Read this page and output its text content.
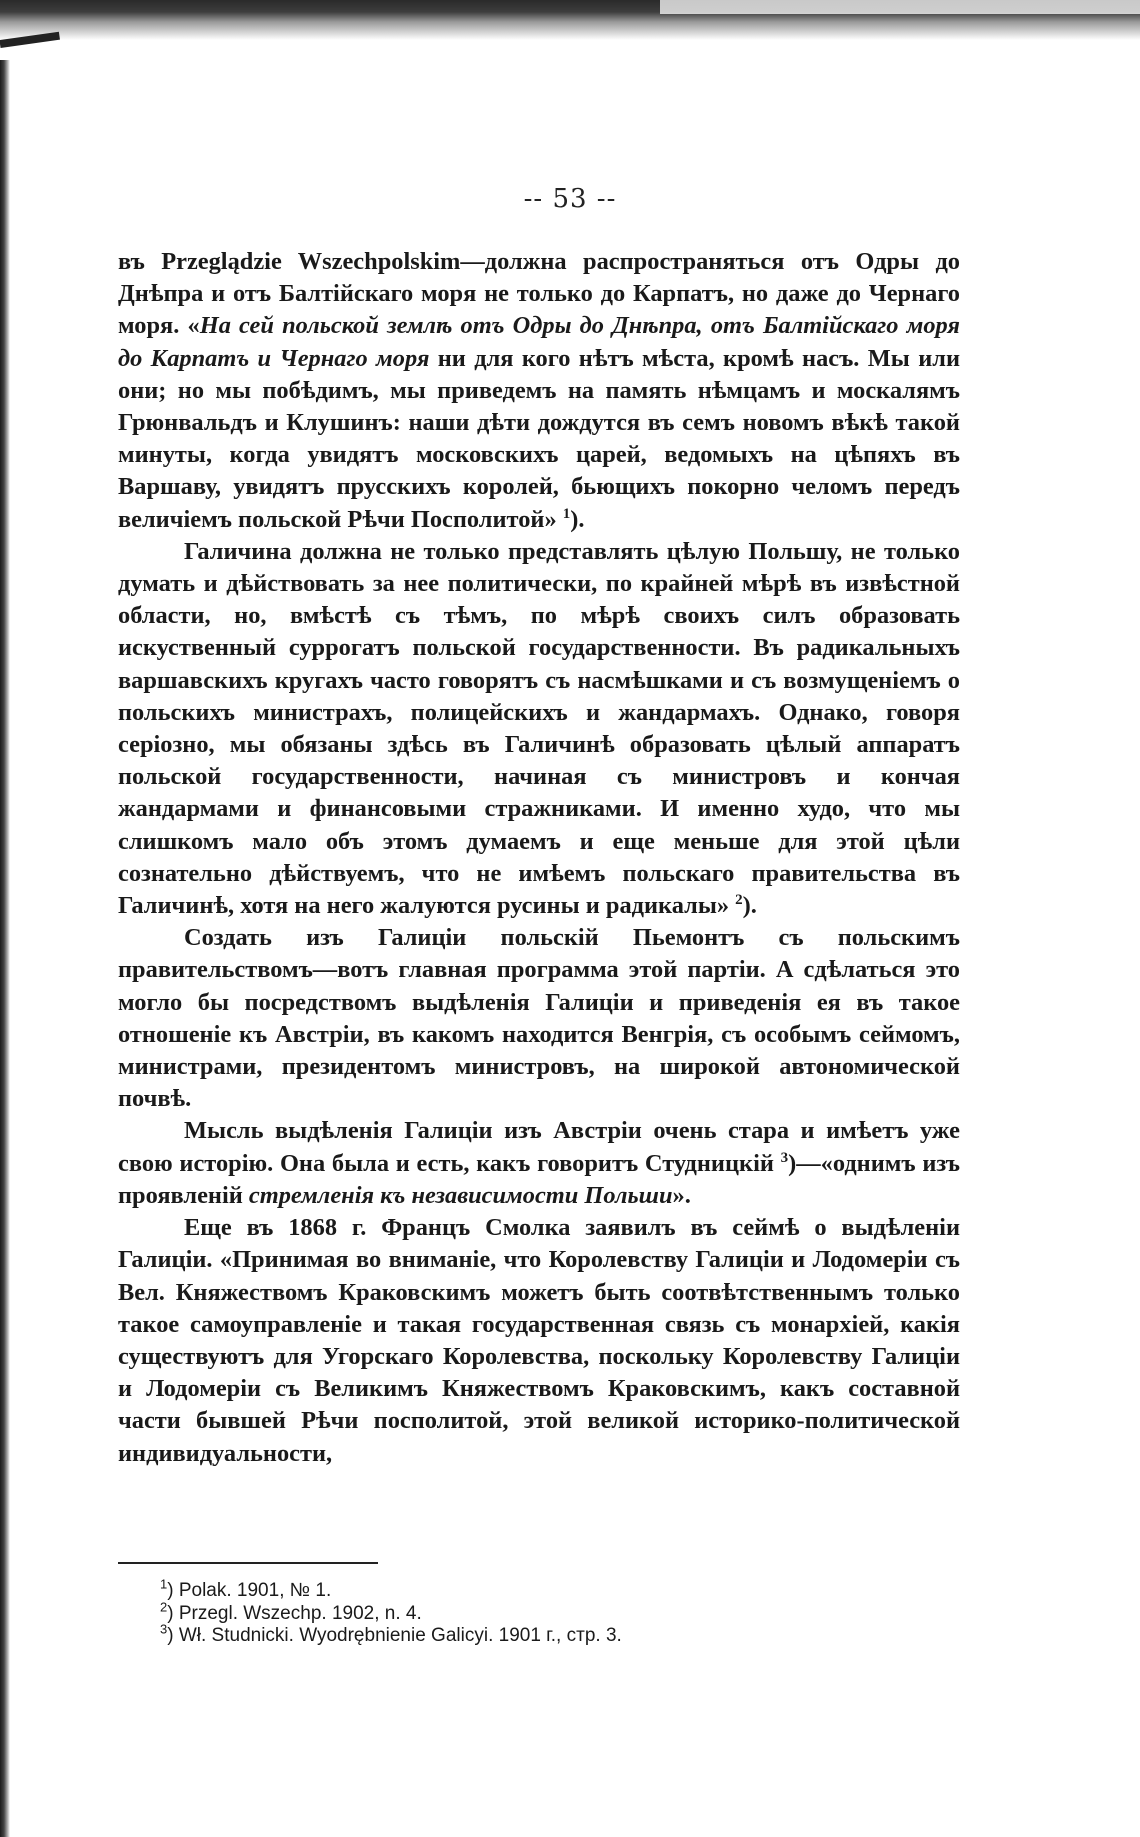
-- 53 --

въ Przeglądzie Wszechpolskim—должна распространяться отъ Одры до Днѣпра и отъ Балтійскаго моря не только до Карпатъ, но даже до Чернаго моря. «На сей польской землѣ отъ Одры до Днѣпра, отъ Балтійскаго моря до Карпатъ и Чернаго моря ни для кого нѣтъ мѣста, кромѣ насъ. Мы или они; но мы побѣдимъ, мы приведемъ на память нѣмцамъ и москалямъ Грюнвальдъ и Клушинъ: наши дѣти дождутся въ семъ новомъ вѣкѣ такой минуты, когда увидятъ московскихъ царей, ведомыхъ на цѣпяхъ въ Варшаву, увидятъ прусскихъ королей, бьющихъ покорно челомъ передъ величіемъ польской Рѣчи Посполитой» $^1$).

Галичина должна не только представлять цѣлую Польшу, не только думать и дѣйствовать за нее политически, по крайней мѣрѣ въ извѣстной области, но, вмѣстѣ съ тѣмъ, по мѣрѣ своихъ силъ образовать искуственный суррогатъ польской государственности. Въ радикальныхъ варшавскихъ кругахъ часто говорятъ съ насмѣшками и съ возмущеніемъ о польскихъ министрахъ, полицейскихъ и жандармахъ. Однако, говоря серіозно, мы обязаны здѣсь въ Галичинѣ образовать цѣлый аппаратъ польской государственности, начиная съ министровъ и кончая жандармами и финансовыми стражниками. И именно худо, что мы слишкомъ мало объ этомъ думаемъ и еще меньше для этой цѣли сознательно дѣйствуемъ, что не имѣемъ польскаго правительства въ Галичинѣ, хотя на него жалуются русины и радикалы» $^2$).

Создать изъ Галиціи польскій Пьемонтъ съ польскимъ правительствомъ—вотъ главная программа этой партіи. А сдѣлаться это могло бы посредствомъ выдѣленія Галиціи и приведенія ея въ такое отношеніе къ Австріи, въ какомъ находится Венгрія, съ особымъ сеймомъ, министрами, президентомъ министровъ, на широкой автономической почвѣ.

Мысль выдѣленія Галиціи изъ Австріи очень стара и имѣетъ уже свою исторію. Она была и есть, какъ говоритъ Студницкій $^3$)—«однимъ изъ проявленій стремленія къ независимости Польши».

Еще въ 1868 г. Францъ Смолка заявилъ въ сеймѣ о выдѣленіи Галиціи. «Принимая во вниманіе, что Королевству Галиціи и Лодомеріи съ Вел. Княжествомъ Краковскимъ можетъ быть соотвѣтственнымъ только такое самоуправленіе и такая государственная связь съ монархіей, какія существуютъ для Угорскаго Королевства, поскольку Королевству Галиціи и Лодомеріи съ Великимъ Княжествомъ Краковскимъ, какъ составной части бывшей Рѣчи посполитой, этой великой историко-политической индивидуальности,

$^1$) Polak. 1901, № 1.
$^2$) Przegl. Wszechp. 1902, n. 4.
$^3$) Wł. Studnicki. Wyodrębnienie Galicyi. 1901 г., стр. 3.
